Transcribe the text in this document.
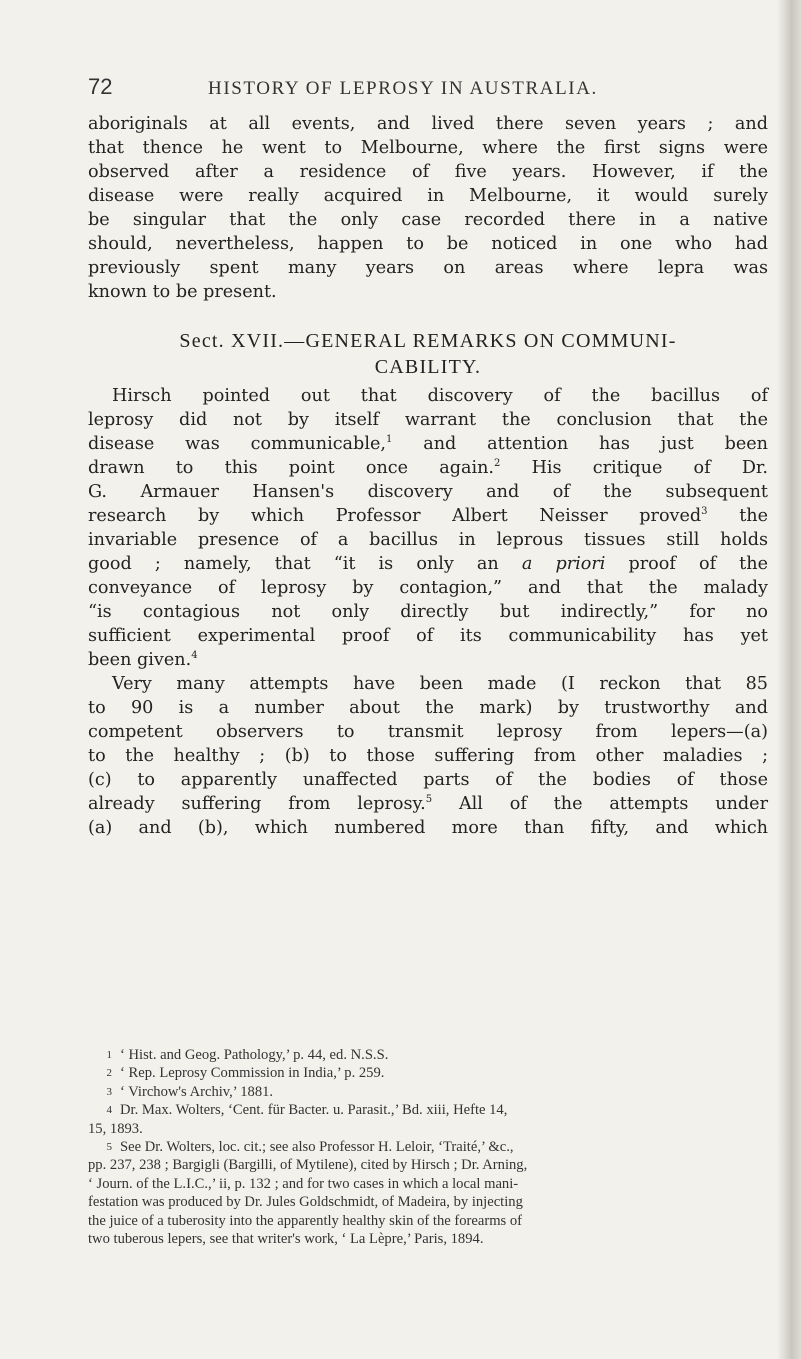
72	HISTORY OF LEPROSY IN AUSTRALIA.

aboriginals at all events, and lived there seven years ; and
that thence he went to Melbourne, where the first signs were
observed after a residence of five years. However, if the
disease were really acquired in Melbourne, it would surely
be singular that the only case recorded there in a native
should, nevertheless, happen to be noticed in one who had
previously spent many years on areas where lepra was
known to be present.

Sect. XVII.—GENERAL REMARKS ON COMMUNI-
CABILITY.

Hirsch pointed out that discovery of the bacillus of
leprosy did not by itself warrant the conclusion that the
disease was communicable,$^1$ and attention has just been
drawn to this point once again.$^2$ His critique of Dr.
G. Armauer Hansen's discovery and of the subsequent
research by which Professor Albert Neisser proved$^3$ the
invariable presence of a bacillus in leprous tissues still holds
good ; namely, that “it is only an a priori proof of the
conveyance of leprosy by contagion,” and that the malady
“is contagious not only directly but indirectly,” for no
sufficient experimental proof of its communicability has yet
been given.$^4$

Very many attempts have been made (I reckon that 85
to 90 is a number about the mark) by trustworthy and
competent observers to transmit leprosy from lepers—(a)
to the healthy ; (b) to those suffering from other maladies ;
(c) to apparently unaffected parts of the bodies of those
already suffering from leprosy.$^5$ All of the attempts under
(a) and (b), which numbered more than fifty, and which

1 ‘ Hist. and Geog. Pathology,’ p. 44, ed. N.S.S.
2 ‘ Rep. Leprosy Commission in India,’ p. 259.
3 ‘ Virchow's Archiv,’ 1881.
4 Dr. Max. Wolters, ‘Cent. für Bacter. u. Parasit.,’ Bd. xiii, Hefte 14,
15, 1893.
5 See Dr. Wolters, loc. cit.; see also Professor H. Leloir, ‘Traité,’ &c.,
pp. 237, 238 ; Bargigli (Bargilli, of Mytilene), cited by Hirsch ; Dr. Arning,
‘ Journ. of the L.I.C.,’ ii, p. 132 ; and for two cases in which a local mani-
festation was produced by Dr. Jules Goldschmidt, of Madeira, by injecting
the juice of a tuberosity into the apparently healthy skin of the forearms of
two tuberous lepers, see that writer's work, ‘ La Lèpre,’ Paris, 1894.
